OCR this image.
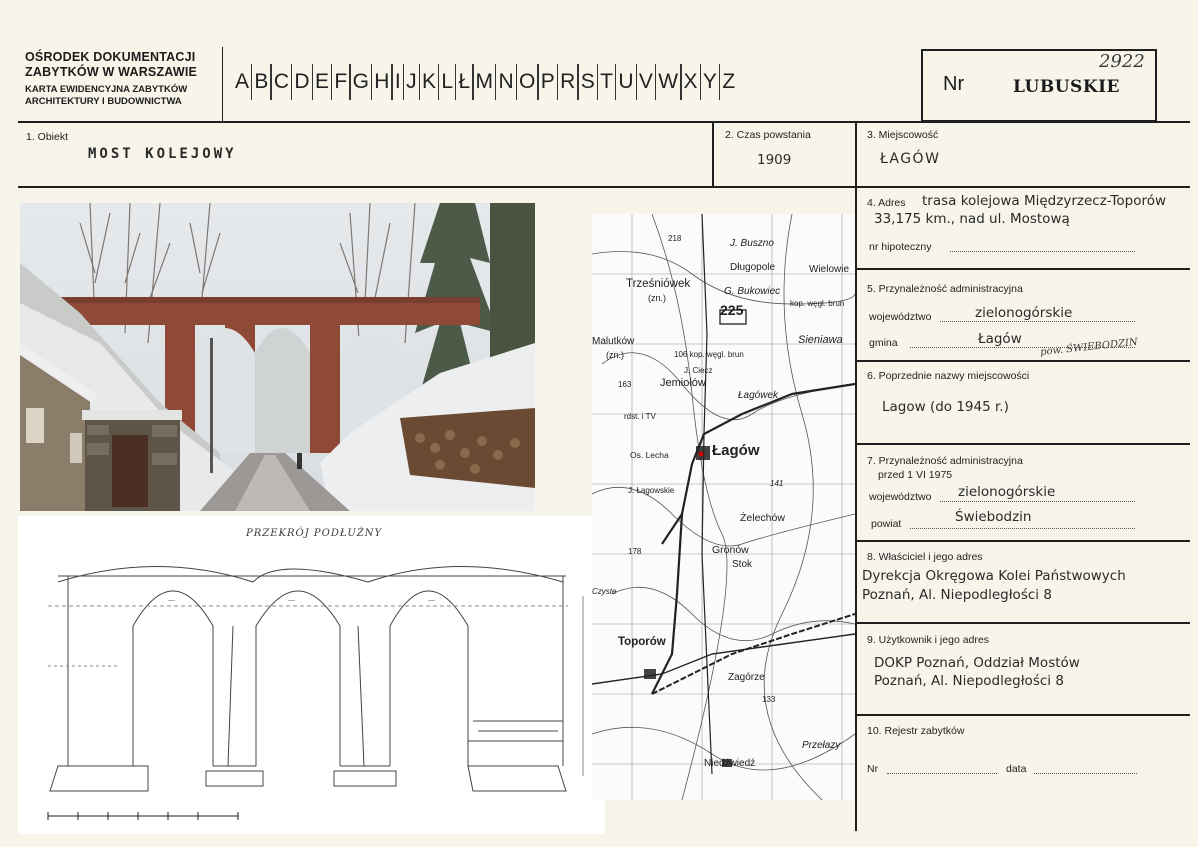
OŚRODEK DOKUMENTACJI
ZABYTKÓW W WARSZAWIE
KARTA EWIDENCYJNA ZABYTKÓW
ARCHITEKTURY I BUDOWNICTWA
A B C D E F G H I J K L Ł M N O P R S T U V W X Y Z	Nr	LUBUSKIE
2922
1. Obiekt
MOST KOLEJOWY
2. Czas powstania
1909
3. Miejscowość
ŁAGÓW
4. Adres trasa kolejowa Międzyrzecz-Toporów
33,175 km., nad ul. Mostową
nr hipoteczny
5. Przynależność administracyjna
województwo	zielonogórskie
gmina	Łagów pow. ŚWIEBODZIN
6. Poprzednie nazwy miejscowości
Lagow (do 1945 r.)
7. Przynależność administracyjna
przed 1 VI 1975
województwo zielonogórskie
powiat	Świebodzin
8. Właściciel i jego adres
Dyrekcja Okręgowa Kolei Państwowych
Poznań, Al. Niepodległości 8
9. Użytkownik i jego adres
DOKP Poznań, Oddział Mostów
Poznań, Al. Niepodległości 8
10. Rejestr zabytków
Nr	data
PRZEKRÓJ PODŁUŻNY
—	—	—
218	J. Buszno
Długopole	Wielowie
Trześniówek
(zn.)
G. Bukowiec
225	kop. węgl. brun
Malutków
(zn.)
Sieniawa
106 kop. węgl. brun
J. Ciecz
163	Jemiołów
Łagówek
rdst. i TV
Łagów
Os. Lecha
J. Łagowskie
141
Żelechów
178	Gronów
Stok
Czyste
Toporów
Zagórze
133
Niedźwiedź
Przełazy
